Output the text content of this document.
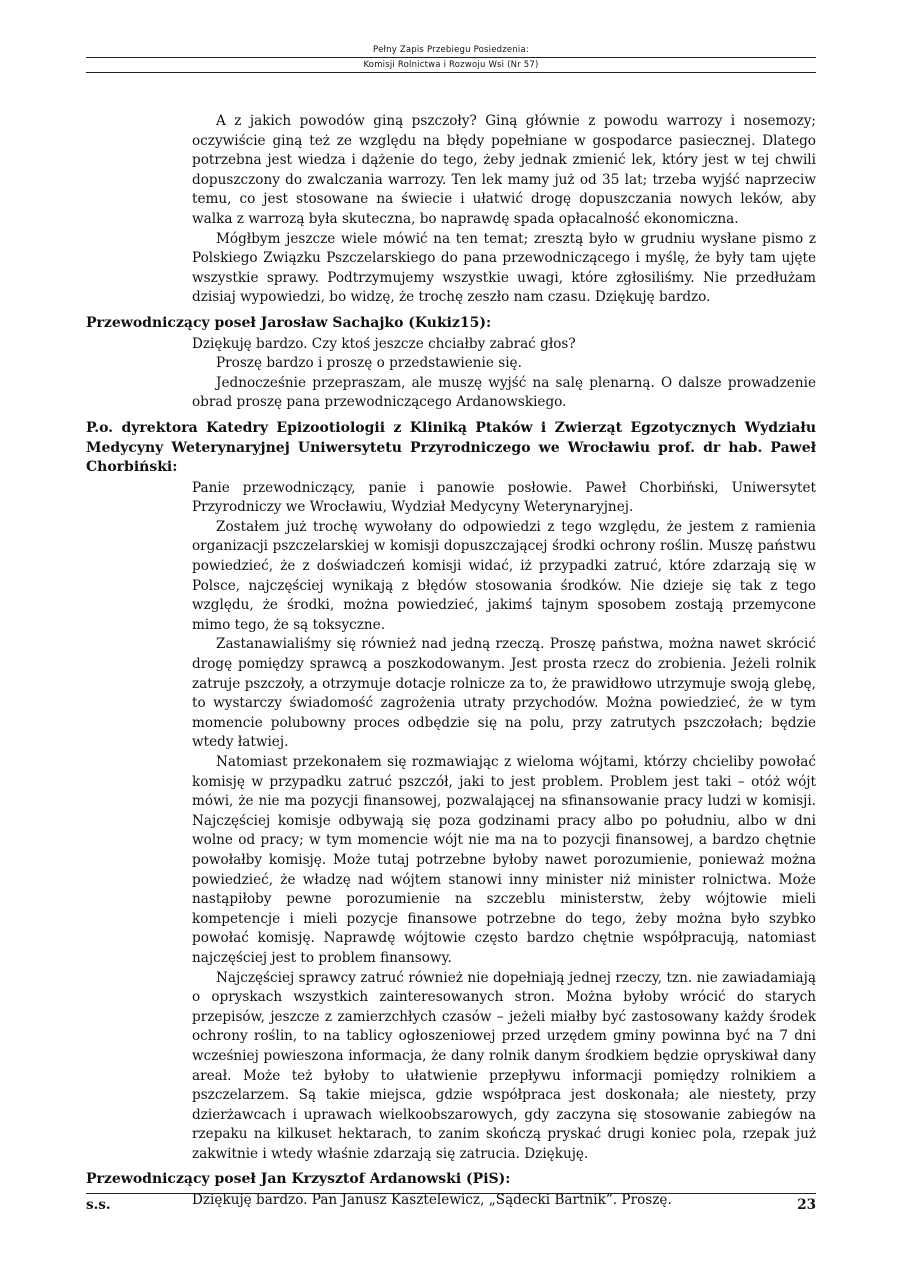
Pełny Zapis Przebiegu Posiedzenia:
Komisji Rolnictwa i Rozwoju Wsi (Nr 57)

A z jakich powodów giną pszczoły? Giną głównie z powodu warrozy i nosemozy; oczywiście giną też ze względu na błędy popełniane w gospodarce pasiecznej. Dlatego potrzebna jest wiedza i dążenie do tego, żeby jednak zmienić lek, który jest w tej chwili dopuszczony do zwalczania warrozy. Ten lek mamy już od 35 lat; trzeba wyjść naprzeciw temu, co jest stosowane na świecie i ułatwić drogę dopuszczania nowych leków, aby walka z warrozą była skuteczna, bo naprawdę spada opłacalność ekonomiczna.

Mógłbym jeszcze wiele mówić na ten temat; zresztą było w grudniu wysłane pismo z Polskiego Związku Pszczelarskiego do pana przewodniczącego i myślę, że były tam ujęte wszystkie sprawy. Podtrzymujemy wszystkie uwagi, które zgłosiliśmy. Nie przedłużam dzisiaj wypowiedzi, bo widzę, że trochę zeszło nam czasu. Dziękuję bardzo.

Przewodniczący poseł Jarosław Sachajko (Kukiz15):

Dziękuję bardzo. Czy ktoś jeszcze chciałby zabrać głos?

Proszę bardzo i proszę o przedstawienie się.

Jednocześnie przepraszam, ale muszę wyjść na salę plenarną. O dalsze prowadzenie obrad proszę pana przewodniczącego Ardanowskiego.

P.o. dyrektora Katedry Epizootiologii z Kliniką Ptaków i Zwierząt Egzotycznych Wydziału Medycyny Weterynaryjnej Uniwersytetu Przyrodniczego we Wrocławiu prof. dr hab. Paweł Chorbiński:

Panie przewodniczący, panie i panowie posłowie. Paweł Chorbiński, Uniwersytet Przyrodniczy we Wrocławiu, Wydział Medycyny Weterynaryjnej.

Zostałem już trochę wywołany do odpowiedzi z tego względu, że jestem z ramienia organizacji pszczelarskiej w komisji dopuszczającej środki ochrony roślin. Muszę państwu powiedzieć, że z doświadczeń komisji widać, iż przypadki zatruć, które zdarzają się w Polsce, najczęściej wynikają z błędów stosowania środków. Nie dzieje się tak z tego względu, że środki, można powiedzieć, jakimś tajnym sposobem zostają przemycone mimo tego, że są toksyczne.

Zastanawialiśmy się również nad jedną rzeczą. Proszę państwa, można nawet skrócić drogę pomiędzy sprawcą a poszkodowanym. Jest prosta rzecz do zrobienia. Jeżeli rolnik zatruje pszczoły, a otrzymuje dotacje rolnicze za to, że prawidłowo utrzymuje swoją glebę, to wystarczy świadomość zagrożenia utraty przychodów. Można powiedzieć, że w tym momencie polubowny proces odbędzie się na polu, przy zatrutych pszczołach; będzie wtedy łatwiej.

Natomiast przekonałem się rozmawiając z wieloma wójtami, którzy chcieliby powołać komisję w przypadku zatruć pszczół, jaki to jest problem. Problem jest taki – otóż wójt mówi, że nie ma pozycji finansowej, pozwalającej na sfinansowanie pracy ludzi w komisji. Najczęściej komisje odbywają się poza godzinami pracy albo po południu, albo w dni wolne od pracy; w tym momencie wójt nie ma na to pozycji finansowej, a bardzo chętnie powołałby komisję. Może tutaj potrzebne byłoby nawet porozumienie, ponieważ można powiedzieć, że władzę nad wójtem stanowi inny minister niż minister rolnictwa. Może nastąpiłoby pewne porozumienie na szczeblu ministerstw, żeby wójtowie mieli kompetencje i mieli pozycje finansowe potrzebne do tego, żeby można było szybko powołać komisję. Naprawdę wójtowie często bardzo chętnie współpracują, natomiast najczęściej jest to problem finansowy.

Najczęściej sprawcy zatruć również nie dopełniają jednej rzeczy, tzn. nie zawiadamiają o opryskach wszystkich zainteresowanych stron. Można byłoby wrócić do starych przepisów, jeszcze z zamierzchłych czasów – jeżeli miałby być zastosowany każdy środek ochrony roślin, to na tablicy ogłoszeniowej przed urzędem gminy powinna być na 7 dni wcześniej powieszona informacja, że dany rolnik danym środkiem będzie opryskiwał dany areał. Może też byłoby to ułatwienie przepływu informacji pomiędzy rolnikiem a pszczelarzem. Są takie miejsca, gdzie współpraca jest doskonała; ale niestety, przy dzierżawcach i uprawach wielkoobszarowych, gdy zaczyna się stosowanie zabiegów na rzepaku na kilkuset hektarach, to zanim skończą pryskać drugi koniec pola, rzepak już zakwitnie i wtedy właśnie zdarzają się zatrucia. Dziękuję.

Przewodniczący poseł Jan Krzysztof Ardanowski (PiS):

Dziękuję bardzo. Pan Janusz Kasztelewicz, „Sądecki Bartnik”. Proszę.

s.s.	23
